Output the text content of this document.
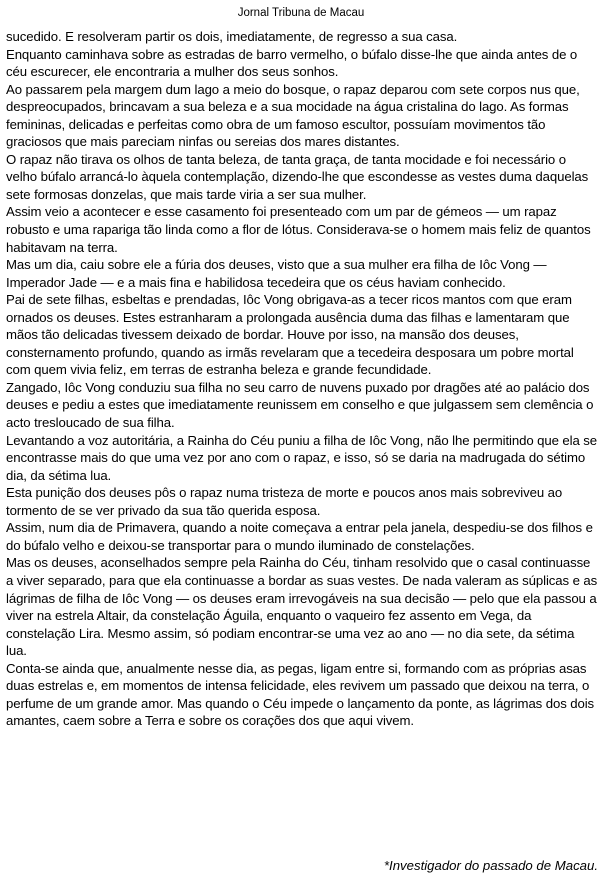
Jornal Tribuna de Macau

sucedido. E resolveram partir os dois, imediatamente, de regresso a sua casa.

Enquanto caminhava sobre as estradas de barro vermelho, o búfalo disse-lhe que ainda antes de o céu escurecer, ele encontraria a mulher dos seus sonhos.

Ao passarem pela margem dum lago a meio do bosque, o rapaz deparou com sete corpos nus que, despreocupados, brincavam a sua beleza e a sua mocidade na água cristalina do lago. As formas femininas, delicadas e perfeitas como obra de um famoso escultor, possuíam movimentos tão graciosos que mais pareciam ninfas ou sereias dos mares distantes.

O rapaz não tirava os olhos de tanta beleza, de tanta graça, de tanta mocidade e foi necessário o velho búfalo arrancá-lo àquela contemplação, dizendo-lhe que escondesse as vestes duma daquelas sete formosas donzelas, que mais tarde viria a ser sua mulher.

Assim veio a acontecer e esse casamento foi presenteado com um par de gémeos — um rapaz robusto e uma rapariga tão linda como a flor de lótus. Considerava-se o homem mais feliz de quantos habitavam na terra.

Mas um dia, caiu sobre ele a fúria dos deuses, visto que a sua mulher era filha de Iôc Vong — Imperador Jade — e a mais fina e habilidosa tecedeira que os céus haviam conhecido.

Pai de sete filhas, esbeltas e prendadas, Iôc Vong obrigava-as a tecer ricos mantos com que eram ornados os deuses. Estes estranharam a prolongada ausência duma das filhas e lamentaram que mãos tão delicadas tivessem deixado de bordar. Houve por isso, na mansão dos deuses, consternamento profundo, quando as irmãs revelaram que a tecedeira desposara um pobre mortal com quem vivia feliz, em terras de estranha beleza e grande fecundidade.

Zangado, Iôc Vong conduziu sua filha no seu carro de nuvens puxado por dragões até ao palácio dos deuses e pediu a estes que imediatamente reunissem em conselho e que julgassem sem clemência o acto tresloucado de sua filha.

Levantando a voz autoritária, a Rainha do Céu puniu a filha de Iôc Vong, não lhe permitindo que ela se encontrasse mais do que uma vez por ano com o rapaz, e isso, só se daria na madrugada do sétimo dia, da sétima lua.

Esta punição dos deuses pôs o rapaz numa tristeza de morte e poucos anos mais sobreviveu ao tormento de se ver privado da sua tão querida esposa.

Assim, num dia de Primavera, quando a noite começava a entrar pela janela, despediu-se dos filhos e do búfalo velho e deixou-se transportar para o mundo iluminado de constelações.

Mas os deuses, aconselhados sempre pela Rainha do Céu, tinham resolvido que o casal continuasse a viver separado, para que ela continuasse a bordar as suas vestes. De nada valeram as súplicas e as lágrimas de filha de Iôc Vong — os deuses eram irrevogáveis na sua decisão — pelo que ela passou a viver na estrela Altair, da constelação Águila, enquanto o vaqueiro fez assento em Vega, da constelação Lira. Mesmo assim, só podiam encontrar-se uma vez ao ano — no dia sete, da sétima lua.

Conta-se ainda que, anualmente nesse dia, as pegas, ligam entre si, formando com as próprias asas duas estrelas e, em momentos de intensa felicidade, eles revivem um passado que deixou na terra, o perfume de um grande amor. Mas quando o Céu impede o lançamento da ponte, as lágrimas dos dois amantes, caem sobre a Terra e sobre os corações dos que aqui vivem.

*Investigador do passado de Macau.
